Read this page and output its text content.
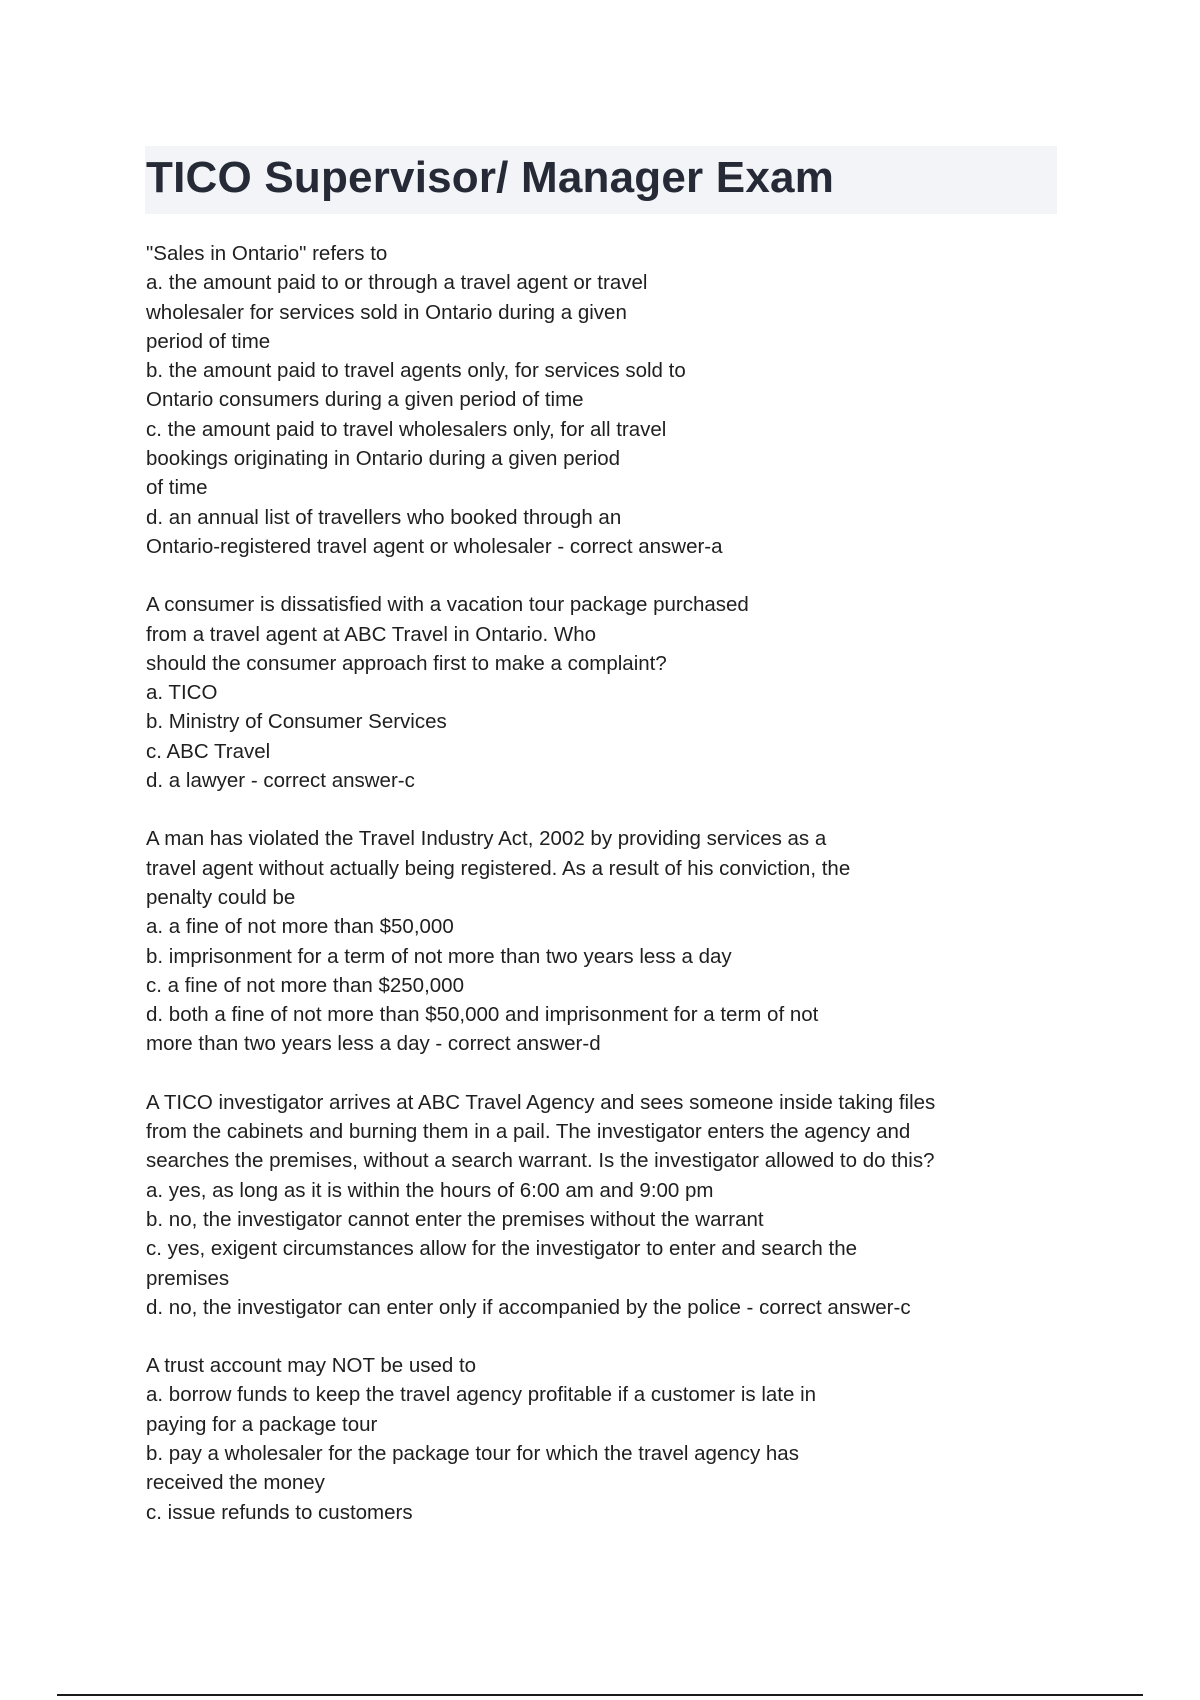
TICO Supervisor/ Manager Exam
"Sales in Ontario" refers to
a. the amount paid to or through a travel agent or travel
wholesaler for services sold in Ontario during a given
period of time
b. the amount paid to travel agents only, for services sold to
Ontario consumers during a given period of time
c. the amount paid to travel wholesalers only, for all travel
bookings originating in Ontario during a given period
of time
d. an annual list of travellers who booked through an
Ontario-registered travel agent or wholesaler - correct answer-a
A consumer is dissatisfied with a vacation tour package purchased
from a travel agent at ABC Travel in Ontario. Who
should the consumer approach first to make a complaint?
a. TICO
b. Ministry of Consumer Services
c. ABC Travel
d. a lawyer - correct answer-c
A man has violated the Travel Industry Act, 2002 by providing services as a
travel agent without actually being registered. As a result of his conviction, the
penalty could be
a. a fine of not more than $50,000
b. imprisonment for a term of not more than two years less a day
c. a fine of not more than $250,000
d. both a fine of not more than $50,000 and imprisonment for a term of not
more than two years less a day - correct answer-d
A TICO investigator arrives at ABC Travel Agency and sees someone inside taking files
from the cabinets and burning them in a pail. The investigator enters the agency and
searches the premises, without a search warrant. Is the investigator allowed to do this?
a. yes, as long as it is within the hours of 6:00 am and 9:00 pm
b. no, the investigator cannot enter the premises without the warrant
c. yes, exigent circumstances allow for the investigator to enter and search the
premises
d. no, the investigator can enter only if accompanied by the police - correct answer-c
A trust account may NOT be used to
a. borrow funds to keep the travel agency profitable if a customer is late in
paying for a package tour
b. pay a wholesaler for the package tour for which the travel agency has
received the money
c. issue refunds to customers
